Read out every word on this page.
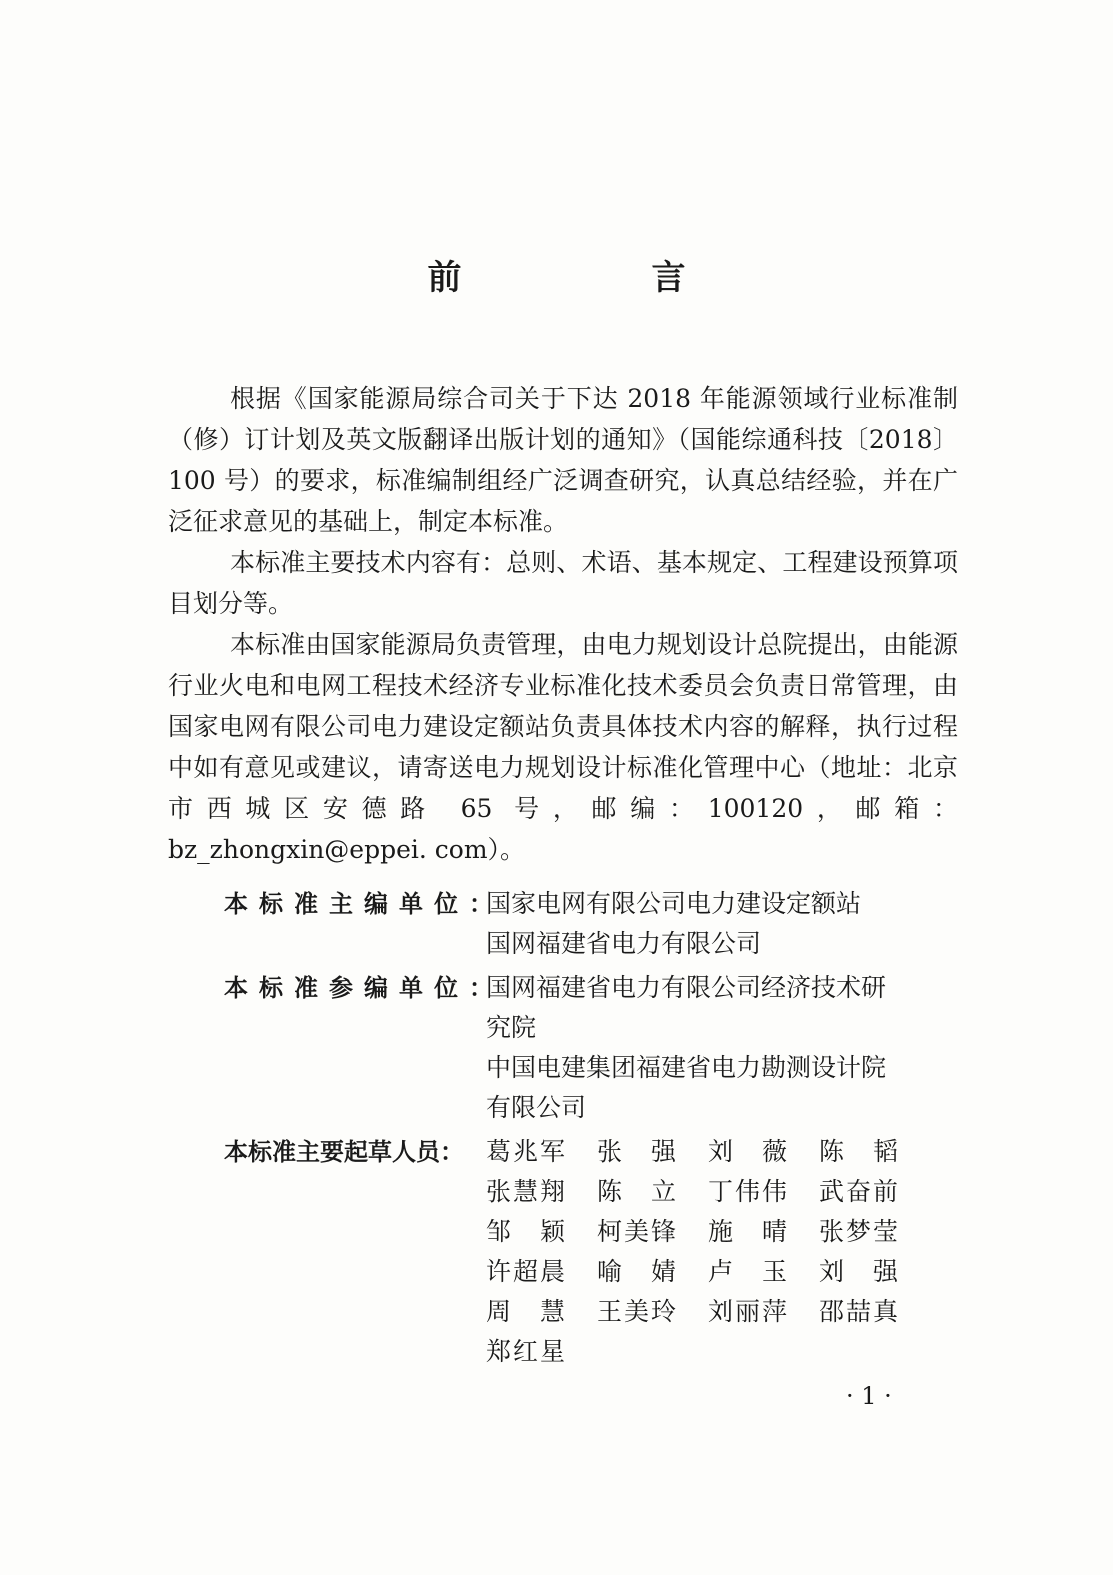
前　言

根据《国家能源局综合司关于下达 2018 年能源领域行业标准制（修）订计划及英文版翻译出版计划的通知》（国能综通科技〔2018〕100 号）的要求，标准编制组经广泛调查研究，认真总结经验，并在广泛征求意见的基础上，制定本标准。

本标准主要技术内容有：总则、术语、基本规定、工程建设预算项目划分等。

本标准由国家能源局负责管理，由电力规划设计总院提出，由能源行业火电和电网工程技术经济专业标准化技术委员会负责日常管理，由国家电网有限公司电力建设定额站负责具体技术内容的解释，执行过程中如有意见或建议，请寄送电力规划设计标准化管理中心（地址：北京市西城区安德路 65 号，邮编：100120，邮箱：bz_zhongxin@eppei. com）。

本标准主编单位：
国家电网有限公司电力建设定额站
国网福建省电力有限公司
本标准参编单位：
国网福建省电力有限公司经济技术研
究院
中国电建集团福建省电力勘测设计院
有限公司
本标准主要起草人员： 葛兆军	张　强	刘　薇	陈　韬
张慧翔	陈　立	丁伟伟	武奋前
邹　颖	柯美锋	施　晴	张梦莹
许超晨	喻　婧	卢　玉	刘　强
周　慧	王美玲	刘丽萍	邵喆真
郑红星
· 1 ·
